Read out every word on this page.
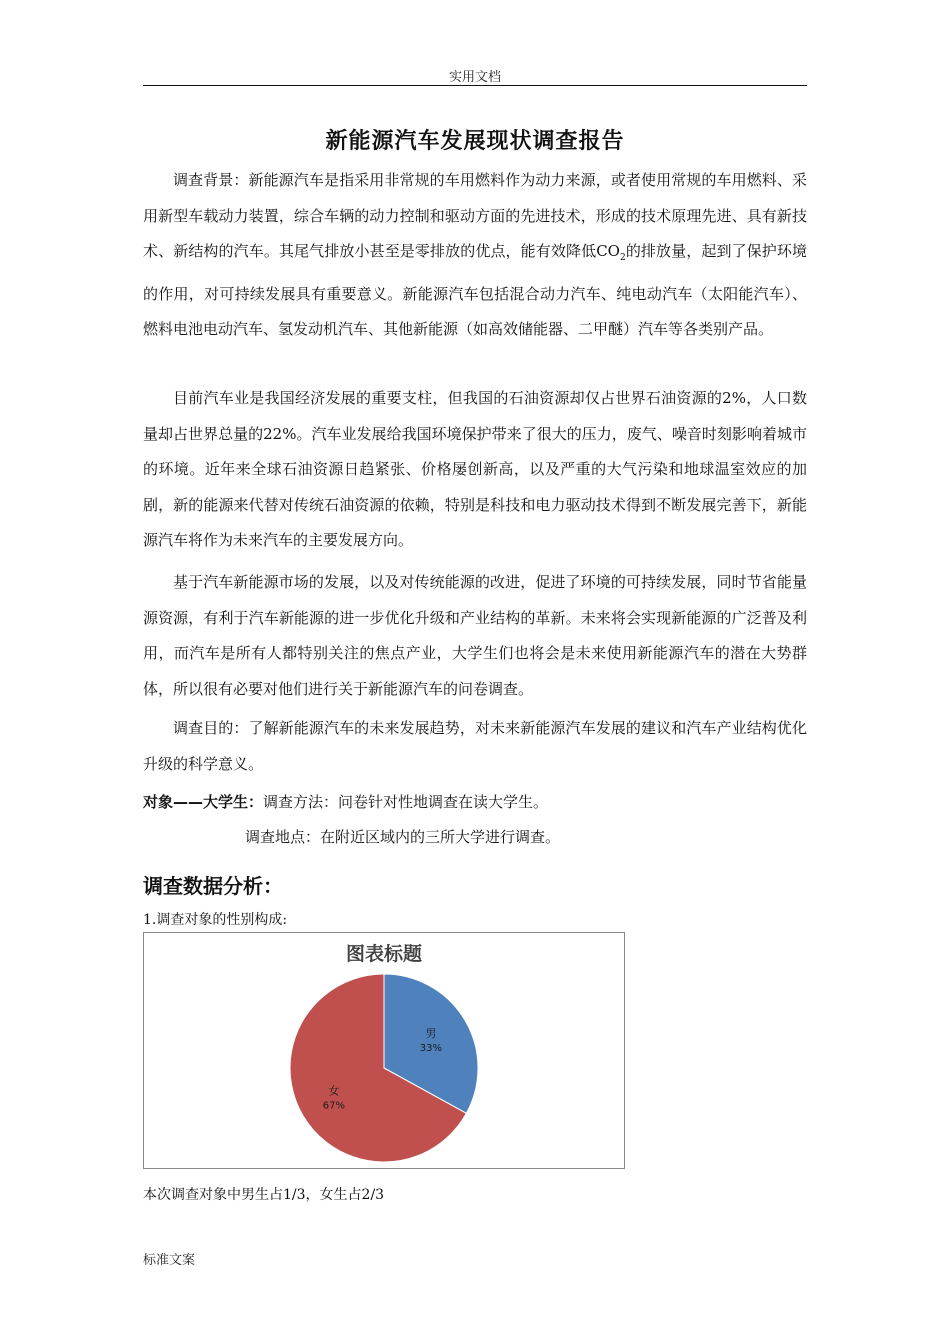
实用文档
新能源汽车发展现状调查报告

调查背景：新能源汽车是指采用非常规的车用燃料作为动力来源，或者使用常规的车用燃料、采用新型车载动力装置，综合车辆的动力控制和驱动方面的先进技术，形成的技术原理先进、具有新技术、新结构的汽车。其尾气排放小甚至是零排放的优点，能有效降低$CO_2$的排放量，起到了保护环境的作用，对可持续发展具有重要意义。新能源汽车包括混合动力汽车、纯电动汽车（太阳能汽车）、燃料电池电动汽车、氢发动机汽车、其他新能源（如高效储能器、二甲醚）汽车等各类别产品。

目前汽车业是我国经济发展的重要支柱，但我国的石油资源却仅占世界石油资源的2%，人口数量却占世界总量的22%。汽车业发展给我国环境保护带来了很大的压力，废气、噪音时刻影响着城市的环境。近年来全球石油资源日趋紧张、价格屡创新高，以及严重的大气污染和地球温室效应的加剧，新的能源来代替对传统石油资源的依赖，特别是科技和电力驱动技术得到不断发展完善下，新能源汽车将作为未来汽车的主要发展方向。

基于汽车新能源市场的发展，以及对传统能源的改进，促进了环境的可持续发展，同时节省能量源资源，有利于汽车新能源的进一步优化升级和产业结构的革新。未来将会实现新能源的广泛普及利用，而汽车是所有人都特别关注的焦点产业，大学生们也将会是未来使用新能源汽车的潜在大势群体，所以很有必要对他们进行关于新能源汽车的问卷调查。

调查目的：了解新能源汽车的未来发展趋势，对未来新能源汽车发展的建议和汽车产业结构优化升级的科学意义。

对象——大学生：调查方法：问卷针对性地调查在读大学生。
调查地点：在附近区域内的三所大学进行调查。
调查数据分析：
1.调查对象的性别构成:
图表标题
男
33%
女
67%
本次调查对象中男生占1/3，女生占2/3
标准文案
